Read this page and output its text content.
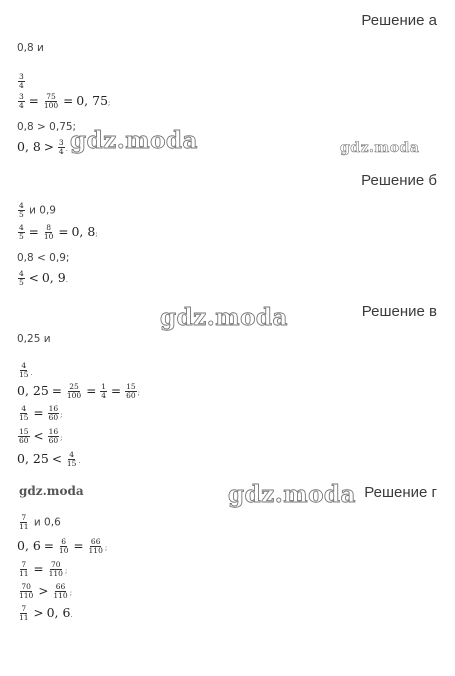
Решение а
0,8 и
$\frac{3}{4}$
$\frac{3}{4} = \frac{75}{100} = 0$, 75;
0,8 > 0,75;
0, $8 > \frac{3}{4}$ . gdz.moda	gdz.moda
Решение б
$\frac{4}{5}$ и 0,9
$\frac{4}{5} = \frac{8}{10} = 0$, 8;
0,8 < 0,9;
$\frac{4}{5} < 0$, 9.
gdz.moda	Решение в
0,25 и
$\frac{4}{15}$ .
0, $25 = \frac{25}{100} = \frac{1}{4} = \frac{15}{60}$ ;
$\frac{4}{15} = \frac{16}{60}$ ;
$\frac{15}{60} < \frac{16}{60}$ ;
0, $25 < \frac{4}{15}$ .
gdz.moda	gdz.moda Решение г
$\frac{7}{11}$ и 0,6
0, $6 = \frac{6}{10} = \frac{66}{110}$ ;
$\frac{7}{11} = \frac{70}{110}$ ;
$\frac{70}{110} > \frac{66}{110}$ ;
$\frac{7}{11} > 0$, 6.
